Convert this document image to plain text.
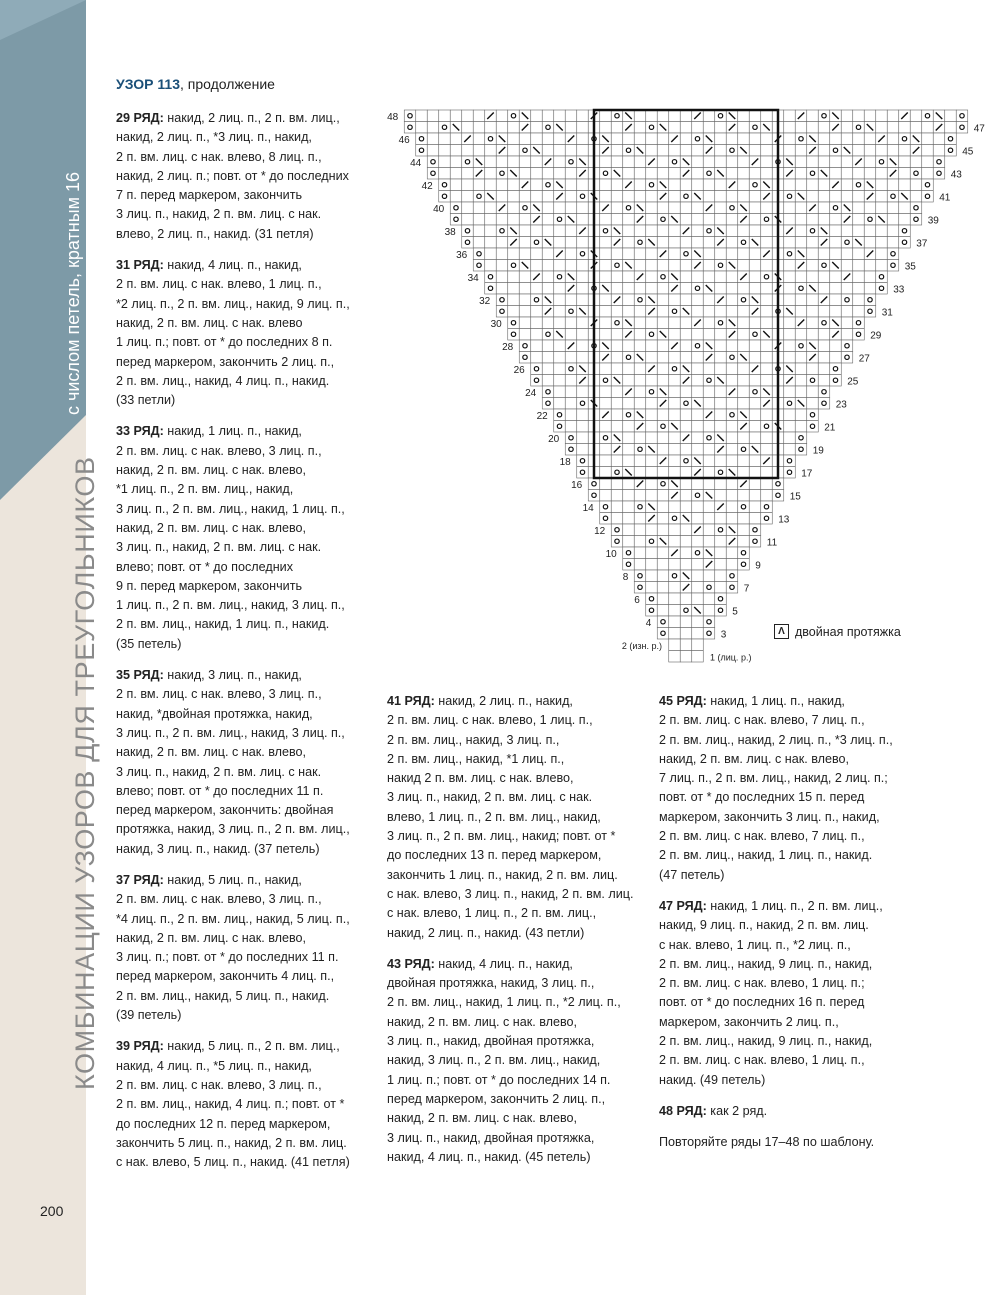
с числом петель, кратным 16
КОМБИНАЦИИ УЗОРОВ ДЛЯ ТРЕУГОЛЬНИКОВ
200
УЗОР 113, продолжение
48
47
46
45
44
43
42
41
40
39
38
37
36
35
34
33
32
31
30
29
28
27
26
25
24
23
22
21
20
19
18
17
16
15
14
13
12
11
10
9
8
7
6
5
4
3
2 (изн. р.)
1 (лиц. р.)
Λ двойная протяжка

29 РЯД: накид, 2 лиц. п., 2 п. вм. лиц.,
накид, 2 лиц. п., *3 лиц. п., накид,
2 п. вм. лиц. с нак. влево, 8 лиц. п.,
накид, 2 лиц. п.; повт. от * до последних
7 п. перед маркером, закончить
3 лиц. п., накид, 2 п. вм. лиц. с нак.
влево, 2 лиц. п., накид. (31 петля)

31 РЯД: накид, 4 лиц. п., накид,
2 п. вм. лиц. с нак. влево, 1 лиц. п.,
*2 лиц. п., 2 п. вм. лиц., накид, 9 лиц. п.,
накид, 2 п. вм. лиц. с нак. влево
1 лиц. п.; повт. от * до последних 8 п.
перед маркером, закончить 2 лиц. п.,
2 п. вм. лиц., накид, 4 лиц. п., накид.
(33 петли)

33 РЯД: накид, 1 лиц. п., накид,
2 п. вм. лиц. с нак. влево, 3 лиц. п.,
накид, 2 п. вм. лиц. с нак. влево,
*1 лиц. п., 2 п. вм. лиц., накид,
3 лиц. п., 2 п. вм. лиц., накид, 1 лиц. п.,
накид, 2 п. вм. лиц. с нак. влево,
3 лиц. п., накид, 2 п. вм. лиц. с нак.
влево; повт. от * до последних
9 п. перед маркером, закончить
1 лиц. п., 2 п. вм. лиц., накид, 3 лиц. п.,
2 п. вм. лиц., накид, 1 лиц. п., накид.
(35 петель)

35 РЯД: накид, 3 лиц. п., накид,
2 п. вм. лиц. с нак. влево, 3 лиц. п.,
накид, *двойная протяжка, накид,
3 лиц. п., 2 п. вм. лиц., накид, 3 лиц. п.,
накид, 2 п. вм. лиц. с нак. влево,
3 лиц. п., накид, 2 п. вм. лиц. с нак.
влево; повт. от * до последних 11 п.
перед маркером, закончить: двойная
протяжка, накид, 3 лиц. п., 2 п. вм. лиц.,
накид, 3 лиц. п., накид. (37 петель)

37 РЯД: накид, 5 лиц. п., накид,
2 п. вм. лиц. с нак. влево, 3 лиц. п.,
*4 лиц. п., 2 п. вм. лиц., накид, 5 лиц. п.,
накид, 2 п. вм. лиц. с нак. влево,
3 лиц. п.; повт. от * до последних 11 п.
перед маркером, закончить 4 лиц. п.,
2 п. вм. лиц., накид, 5 лиц. п., накид.
(39 петель)

39 РЯД: накид, 5 лиц. п., 2 п. вм. лиц.,
накид, 4 лиц. п., *5 лиц. п., накид,
2 п. вм. лиц. с нак. влево, 3 лиц. п.,
2 п. вм. лиц., накид, 4 лиц. п.; повт. от *
до последних 12 п. перед маркером,
закончить 5 лиц. п., накид, 2 п. вм. лиц.
с нак. влево, 5 лиц. п., накид. (41 петля)

41 РЯД: накид, 2 лиц. п., накид,
2 п. вм. лиц. с нак. влево, 1 лиц. п.,
2 п. вм. лиц., накид, 3 лиц. п.,
2 п. вм. лиц., накид, *1 лиц. п.,
накид 2 п. вм. лиц. с нак. влево,
3 лиц. п., накид, 2 п. вм. лиц. с нак.
влево, 1 лиц. п., 2 п. вм. лиц., накид,
3 лиц. п., 2 п. вм. лиц., накид; повт. от *
до последних 13 п. перед маркером,
закончить 1 лиц. п., накид, 2 п. вм. лиц.
с нак. влево, 3 лиц. п., накид, 2 п. вм. лиц.
с нак. влево, 1 лиц. п., 2 п. вм. лиц.,
накид, 2 лиц. п., накид. (43 петли)

43 РЯД: накид, 4 лиц. п., накид,
двойная протяжка, накид, 3 лиц. п.,
2 п. вм. лиц., накид, 1 лиц. п., *2 лиц. п.,
накид, 2 п. вм. лиц. с нак. влево,
3 лиц. п., накид, двойная протяжка,
накид, 3 лиц. п., 2 п. вм. лиц., накид,
1 лиц. п.; повт. от * до последних 14 п.
перед маркером, закончить 2 лиц. п.,
накид, 2 п. вм. лиц. с нак. влево,
3 лиц. п., накид, двойная протяжка,
накид, 4 лиц. п., накид. (45 петель)

45 РЯД: накид, 1 лиц. п., накид,
2 п. вм. лиц. с нак. влево, 7 лиц. п.,
2 п. вм. лиц., накид, 2 лиц. п., *3 лиц. п.,
накид, 2 п. вм. лиц. с нак. влево,
7 лиц. п., 2 п. вм. лиц., накид, 2 лиц. п.;
повт. от * до последних 15 п. перед
маркером, закончить 3 лиц. п., накид,
2 п. вм. лиц. с нак. влево, 7 лиц. п.,
2 п. вм. лиц., накид, 1 лиц. п., накид.
(47 петель)

47 РЯД: накид, 1 лиц. п., 2 п. вм. лиц.,
накид, 9 лиц. п., накид, 2 п. вм. лиц.
с нак. влево, 1 лиц. п., *2 лиц. п.,
2 п. вм. лиц., накид, 9 лиц. п., накид,
2 п. вм. лиц. с нак. влево, 1 лиц. п.;
повт. от * до последних 16 п. перед
маркером, закончить 2 лиц. п.,
2 п. вм. лиц., накид, 9 лиц. п., накид,
2 п. вм. лиц. с нак. влево, 1 лиц. п.,
накид. (49 петель)

48 РЯД: как 2 ряд.

Повторяйте ряды 17–48 по шаблону.
